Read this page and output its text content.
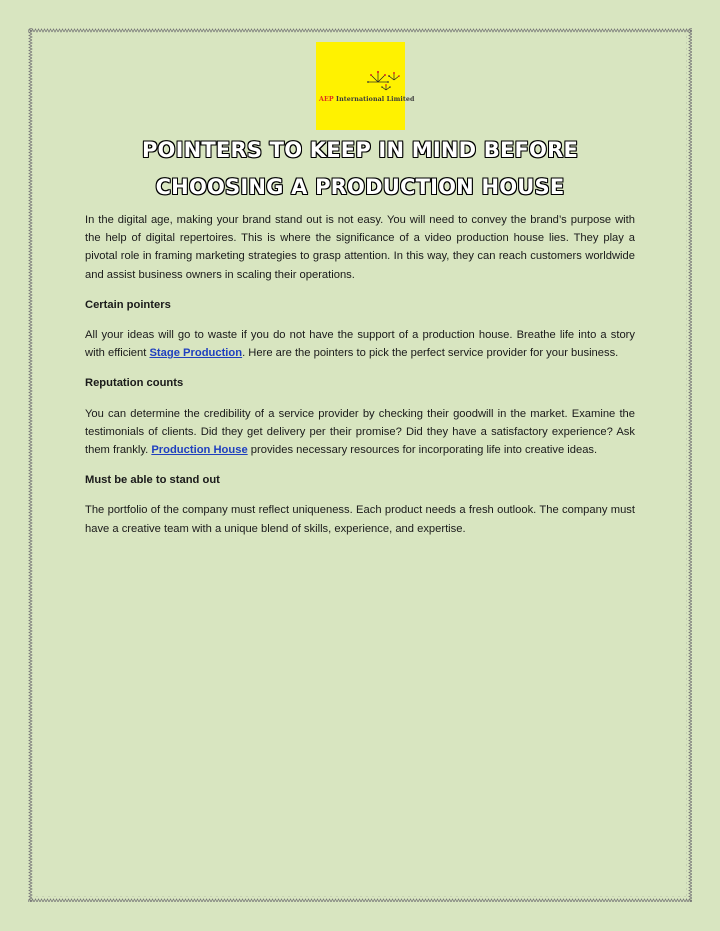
AEP International Limited
POINTERS TO KEEP IN MIND BEFORE CHOOSING A PRODUCTION HOUSE

In the digital age, making your brand stand out is not easy. You will need to convey the brand’s purpose with the help of digital repertoires. This is where the significance of a video production house lies. They play a pivotal role in framing marketing strategies to grasp attention. In this way, they can reach customers worldwide and assist business owners in scaling their operations.

Certain pointers

All your ideas will go to waste if you do not have the support of a production house. Breathe life into a story with efficient Stage Production. Here are the pointers to pick the perfect service provider for your business.

Reputation counts

You can determine the credibility of a service provider by checking their goodwill in the market. Examine the testimonials of clients. Did they get delivery per their promise? Did they have a satisfactory experience? Ask them frankly. Production House provides necessary resources for incorporating life into creative ideas.

Must be able to stand out

The portfolio of the company must reflect uniqueness. Each product needs a fresh outlook. The company must have a creative team with a unique blend of skills, experience, and expertise.
